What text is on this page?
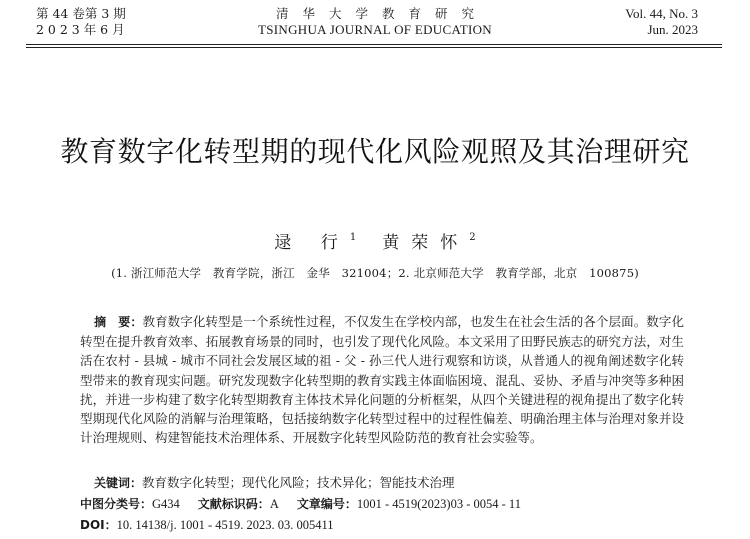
第 44 卷第 3 期
2 0 2 3 年 6 月
清华大学教育研究
TSINGHUA JOURNAL OF EDUCATION
Vol. 44, No. 3
Jun. 2023
教育数字化转型期的现代化风险观照及其治理研究
逯 行$^1$ 黄荣怀$^2$
(1. 浙江师范大学　教育学院，浙江　金华　321004；2. 北京师范大学　教育学部，北京　100875)
摘　要：教育数字化转型是一个系统性过程，不仅发生在学校内部，也发生在社会生活的各个层面。数字化转型在提升教育效率、拓展教育场景的同时，也引发了现代化风险。本文采用了田野民族志的研究方法，对生活在农村 - 县城 - 城市不同社会发展区域的祖 - 父 - 孙三代人进行观察和访谈，从普通人的视角阐述数字化转型带来的教育现实问题。研究发现数字化转型期的教育实践主体面临困境、混乱、妥协、矛盾与冲突等多种困扰，并进一步构建了数字化转型期教育主体技术异化问题的分析框架，从四个关键进程的视角提出了数字化转型期现代化风险的消解与治理策略，包括接纳数字化转型过程中的过程性偏差、明确治理主体与治理对象并设计治理规则、构建智能技术治理体系、开展数字化转型风险防范的教育社会实验等。
关键词：教育数字化转型；现代化风险；技术异化；智能技术治理
中图分类号：G434 文献标识码：A 文章编号：1001 - 4519(2023)03 - 0054 - 11
DOI：10. 14138/j. 1001 - 4519. 2023. 03. 005411
